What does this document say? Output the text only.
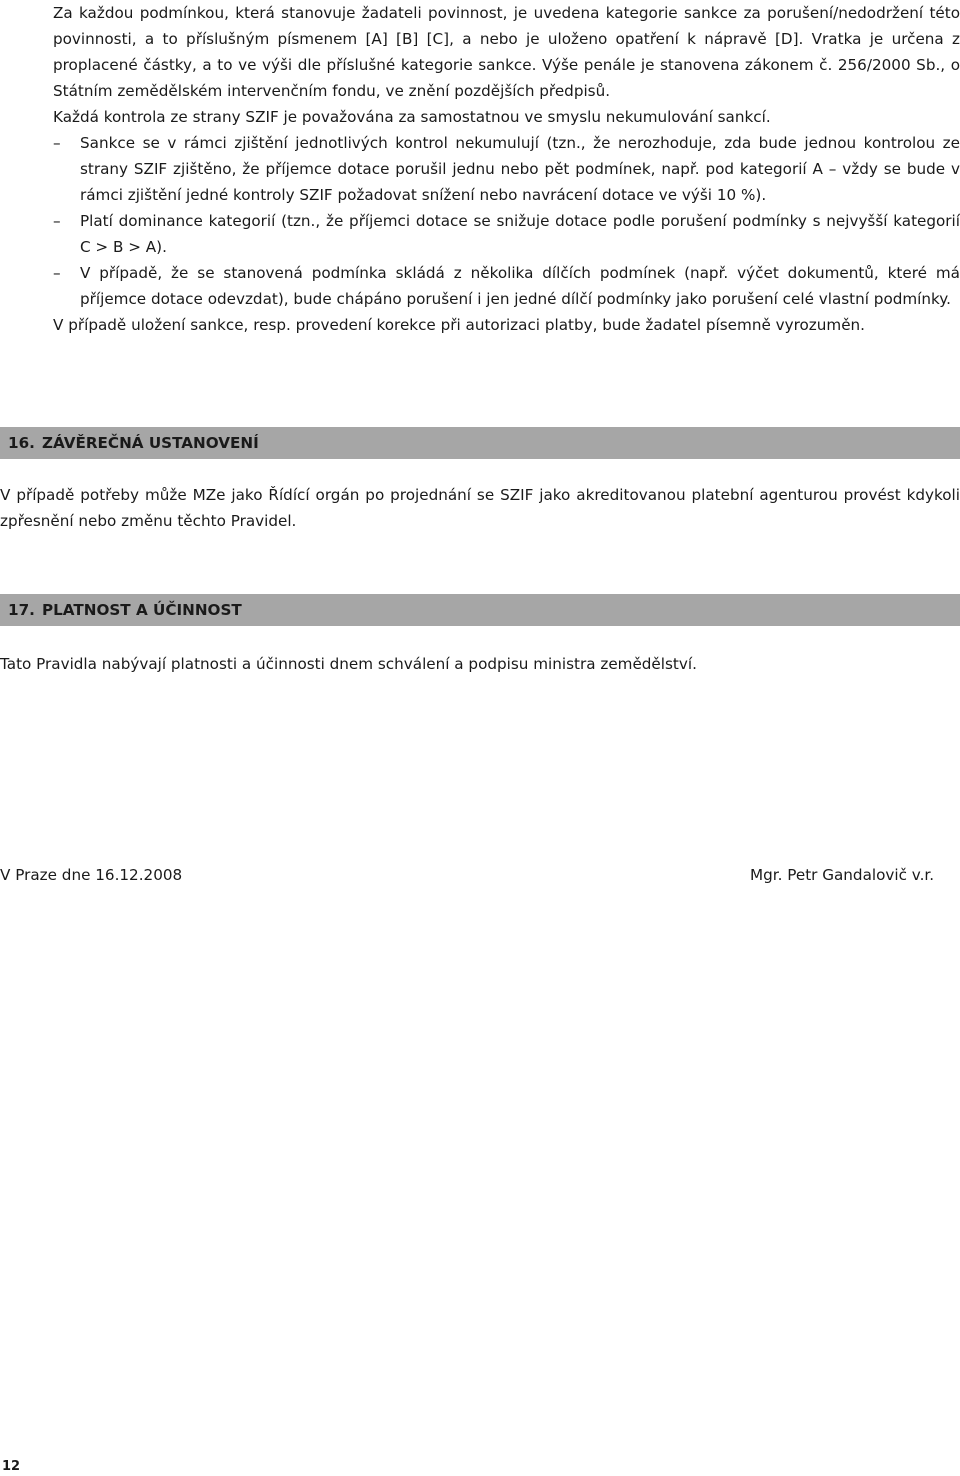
Za každou podmínkou, která stanovuje žadateli povinnost, je uvedena kategorie sankce za porušení/nedodržení této povinnosti, a to příslušným písmenem [A] [B] [C], a nebo je uloženo opatření k nápravě [D]. Vratka je určena z proplacené částky, a to ve výši dle příslušné kategorie sankce. Výše penále je stanovena zákonem č. 256/2000 Sb., o Státním zemědělském intervenčním fondu, ve znění pozdějších předpisů.

Každá kontrola ze strany SZIF je považována za samostatnou ve smyslu nekumulování sankcí.

–	Sankce se v rámci zjištění jednotlivých kontrol nekumulují (tzn., že nerozhoduje, zda bude jednou kontrolou ze strany SZIF zjištěno, že příjemce dotace porušil jednu nebo pět podmínek, např. pod kategorií A – vždy se bude v rámci zjištění jedné kontroly SZIF požadovat snížení nebo navrácení dotace ve výši 10 %).
–	Platí dominance kategorií (tzn., že příjemci dotace se snižuje dotace podle porušení podmínky s nejvyšší kategorií C > B > A).
–	V případě, že se stanovená podmínka skládá z několika dílčích podmínek (např. výčet dokumentů, které má příjemce dotace odevzdat), bude chápáno porušení i jen jedné dílčí podmínky jako porušení celé vlastní podmínky.

V případě uložení sankce, resp. provedení korekce při autorizaci platby, bude žadatel písemně vyrozuměn.

16. ZÁVĚREČNÁ USTANOVENÍ

V případě potřeby může MZe jako Řídící orgán po projednání se SZIF jako akreditovanou platební agenturou provést kdykoli zpřesnění nebo změnu těchto Pravidel.

17. PLATNOST A ÚČINNOST

Tato Pravidla nabývají platnosti a účinnosti dnem schválení a podpisu ministra zemědělství.

V Praze dne 16.12.2008	Mgr. Petr Gandalovič v.r.
12
